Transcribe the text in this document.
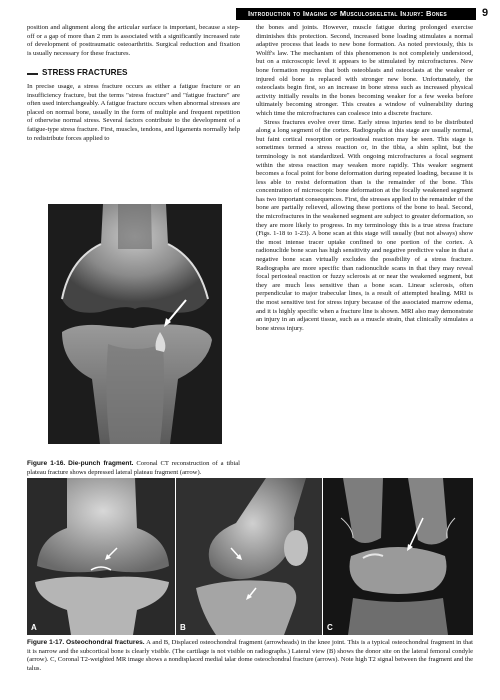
Introduction to Imaging of Musculoskeletal Injury: Bones	9

position and alignment along the articular surface is important, because a step-off or a gap of more than 2 mm is associated with a significantly increased rate of development of posttraumatic osteoarthritis. Surgical reduction and fixation is usually necessary for these fractures.

STRESS FRACTURES

In precise usage, a stress fracture occurs as either a fatigue fracture or an insufficiency fracture, but the terms "stress fracture" and "fatigue fracture" are often used interchangeably. A fatigue fracture occurs when abnormal stresses are placed on normal bone, usually in the form of multiple and frequent repetition of otherwise normal stress. Several factors contribute to the development of a fatigue-type stress fracture. First, muscles, tendons, and ligaments normally help to redistribute forces applied to

Figure 1-16. Die-punch fragment. Coronal CT reconstruction of a tibial plateau fracture shows depressed lateral plateau fragment (arrow).

the bones and joints. However, muscle fatigue during prolonged exercise diminishes this protection. Second, increased bone loading stimulates a normal adaptive process that leads to new bone formation. As noted previously, this is Wolff's law. The mechanism of this phenomenon is not completely understood, but on a microscopic level it appears to be stimulated by microfractures. New bone formation requires that both osteoblasts and osteoclasts at the weaker or injured old bone is replaced with stronger new bone. Unfortunately, the osteoclasts begin first, so an increase in bone stress such as increased physical activity initially results in the bones becoming weaker for a few weeks before ultimately becoming stronger. This creates a window of vulnerability during which time the microfractures can coalesce into a discrete fracture.

Stress fractures evolve over time. Early stress injuries tend to be distributed along a long segment of the cortex. Radiographs at this stage are usually normal, but faint cortical resorption or periosteal reaction may be seen. This stage is sometimes termed a stress reaction or, in the tibia, a shin splint, but the terminology is not standardized. With ongoing microfractures a focal segment within the stress reaction may weaken more rapidly. This weaker segment becomes a focal point for bone deformation during repeated loading, because it is less able to resist deformation than is the remainder of the bone. This concentration of microscopic bone deformation at the focally weakened segment has two important consequences. First, the stresses applied to the remainder of the bone are partially relieved, allowing these portions of the bone to heal. Second, the microfractures in the weakened segment are subject to greater deformation, so they are more likely to progress. In my terminology this is a true stress fracture (Figs. 1-18 to 1-23). A bone scan at this stage will usually (but not always) show the most intense tracer uptake confined to one portion of the cortex. A radionuclide bone scan has high sensitivity and negative predictive value in that a negative bone scan virtually excludes the possibility of a stress fracture. Radiographs are more specific than radionuclide scans in that they may reveal focal periosteal reaction or fuzzy sclerosis at or near the weakened segment, but they are much less sensitive than a bone scan. Linear sclerosis, often perpendicular to major trabecular lines, is a result of attempted healing. MRI is the most sensitive test for stress injury because of the associated marrow edema, and it is highly specific when a fracture line is shown. MRI also may demonstrate an injury in an adjacent tissue, such as a muscle strain, that clinically simulates a bone stress injury.

A	B	C
Figure 1-17. Osteochondral fractures. A and B, Displaced osteochondral fragment (arrowheads) in the knee joint. This is a typical osteochondral fragment in that it is narrow and the subcortical bone is clearly visible. (The cartilage is not visible on radiographs.) Lateral view (B) shows the donor site on the lateral femoral condyle (arrow). C, Coronal T2-weighted MR image shows a nondisplaced medial talar dome osteochondral fracture (arrows). Note high T2 signal between the fragment and the talus.
